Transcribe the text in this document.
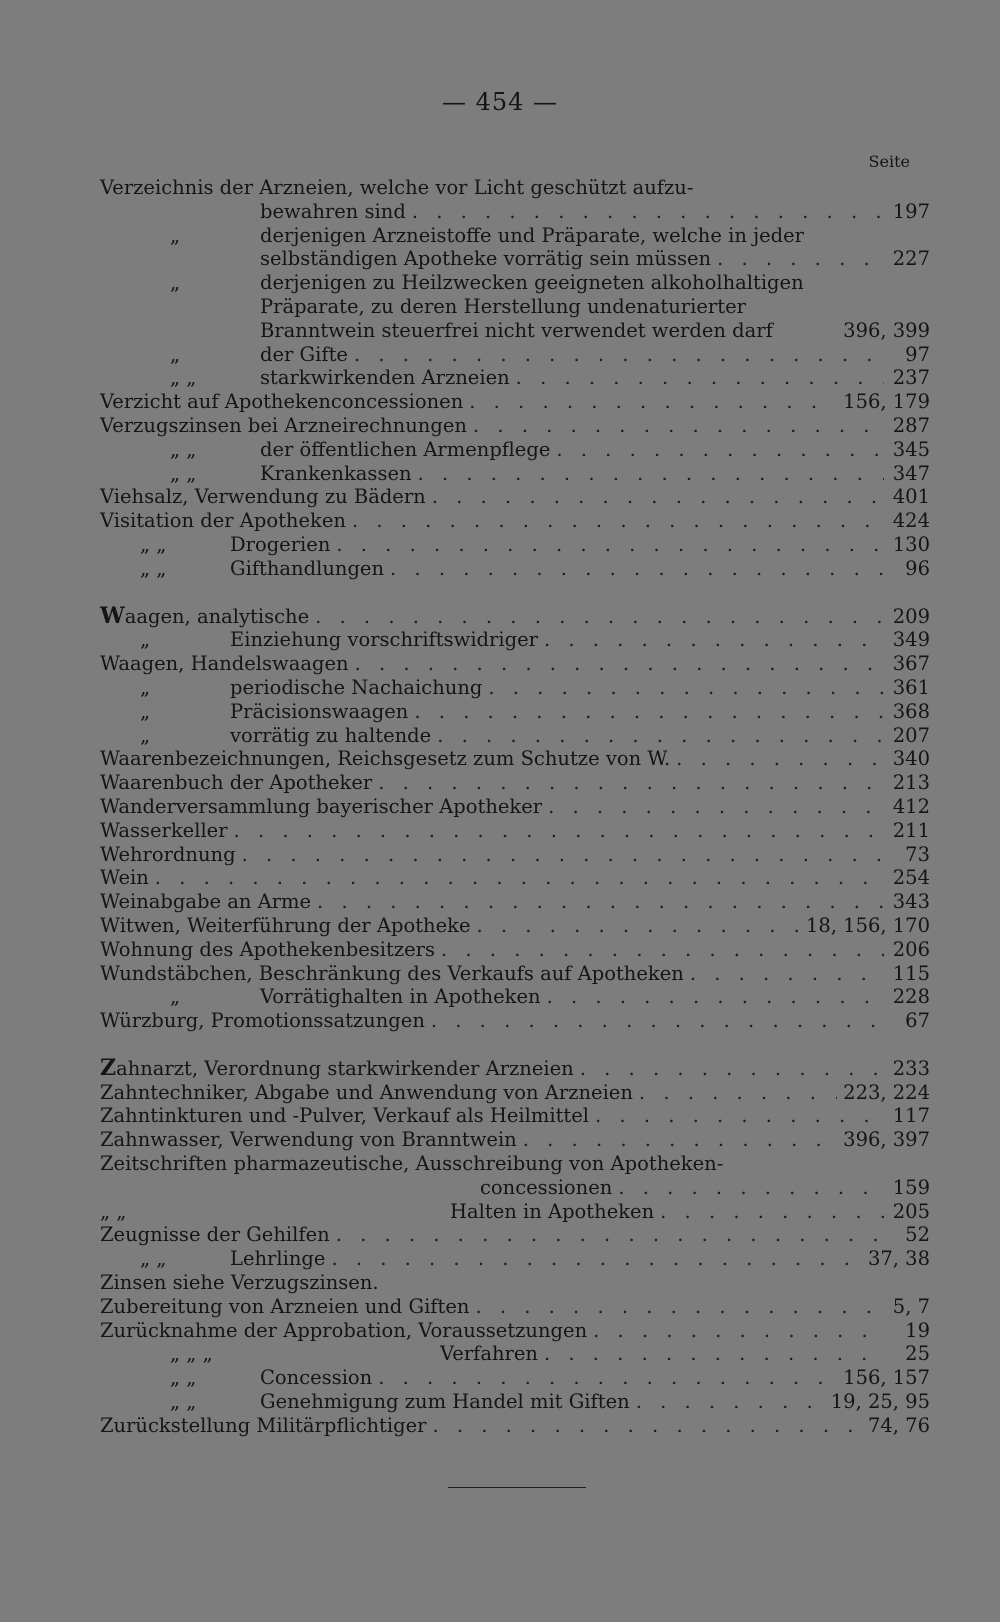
— 454 —
Seite
Verzeichnis der Arzneien, welche vor Licht geschützt aufzu-
bewahren sind . . .	197
„	derjenigen Arzneistoffe und Präparate, welche in jeder
selbständigen Apotheke vorrätig sein müssen . . .	227
„	derjenigen zu Heilzwecken geeigneten alkoholhaltigen
Präparate, zu deren Herstellung undenaturierter
Branntwein steuerfrei nicht verwendet werden darf	396, 399
„	der Gifte . . .	97
„ „	starkwirkenden Arzneien . . .	237
Verzicht auf Apothekenconcessionen . . .	156, 179
Verzugszinsen bei Arzneirechnungen . . .	287
„ „	der öffentlichen Armenpflege . . .	345
„ „	Krankenkassen . . .	347
Viehsalz, Verwendung zu Bädern . . .	401
Visitation der Apotheken . . .	424
„ „	Drogerien . . .	130
„ „	Gifthandlungen . . .	96
Waagen, analytische . . .	209
„	Einziehung vorschriftswidriger . . .	349
Waagen, Handelswaagen . . .	367
„	periodische Nachaichung . . .	361
„	Präcisionswaagen . . .	368
„	vorrätig zu haltende . . .	207
Waarenbezeichnungen, Reichsgesetz zum Schutze von W. . . .	340
Waarenbuch der Apotheker . . .	213
Wanderversammlung bayerischer Apotheker . . .	412
Wasserkeller . . .	211
Wehrordnung . . .	73
Wein . . .	254
Weinabgabe an Arme . . .	343
Witwen, Weiterführung der Apotheke . . .	18, 156, 170
Wohnung des Apothekenbesitzers . . .	206
Wundstäbchen, Beschränkung des Verkaufs auf Apotheken . . .	115
„	Vorrätighalten in Apotheken . . .	228
Würzburg, Promotionssatzungen . . .	67
Zahnarzt, Verordnung starkwirkender Arzneien . . .	233
Zahntechniker, Abgabe und Anwendung von Arzneien . . .	223, 224
Zahntinkturen und -Pulver, Verkauf als Heilmittel . . .	117
Zahnwasser, Verwendung von Branntwein . . .	396, 397
Zeitschriften pharmazeutische, Ausschreibung von Apotheken-
concessionen . . .	159
„ „	Halten in Apotheken . . .	205
Zeugnisse der Gehilfen . . .	52
„ „	Lehrlinge . . .	37, 38
Zinsen siehe Verzugszinsen.
Zubereitung von Arzneien und Giften . . .	5, 7
Zurücknahme der Approbation, Voraussetzungen . . .	19
„ „ „	Verfahren . . .	25
„ „	Concession . . .	156, 157
„ „	Genehmigung zum Handel mit Giften . . .	19, 25, 95
Zurückstellung Militärpflichtiger . . .	74, 76
